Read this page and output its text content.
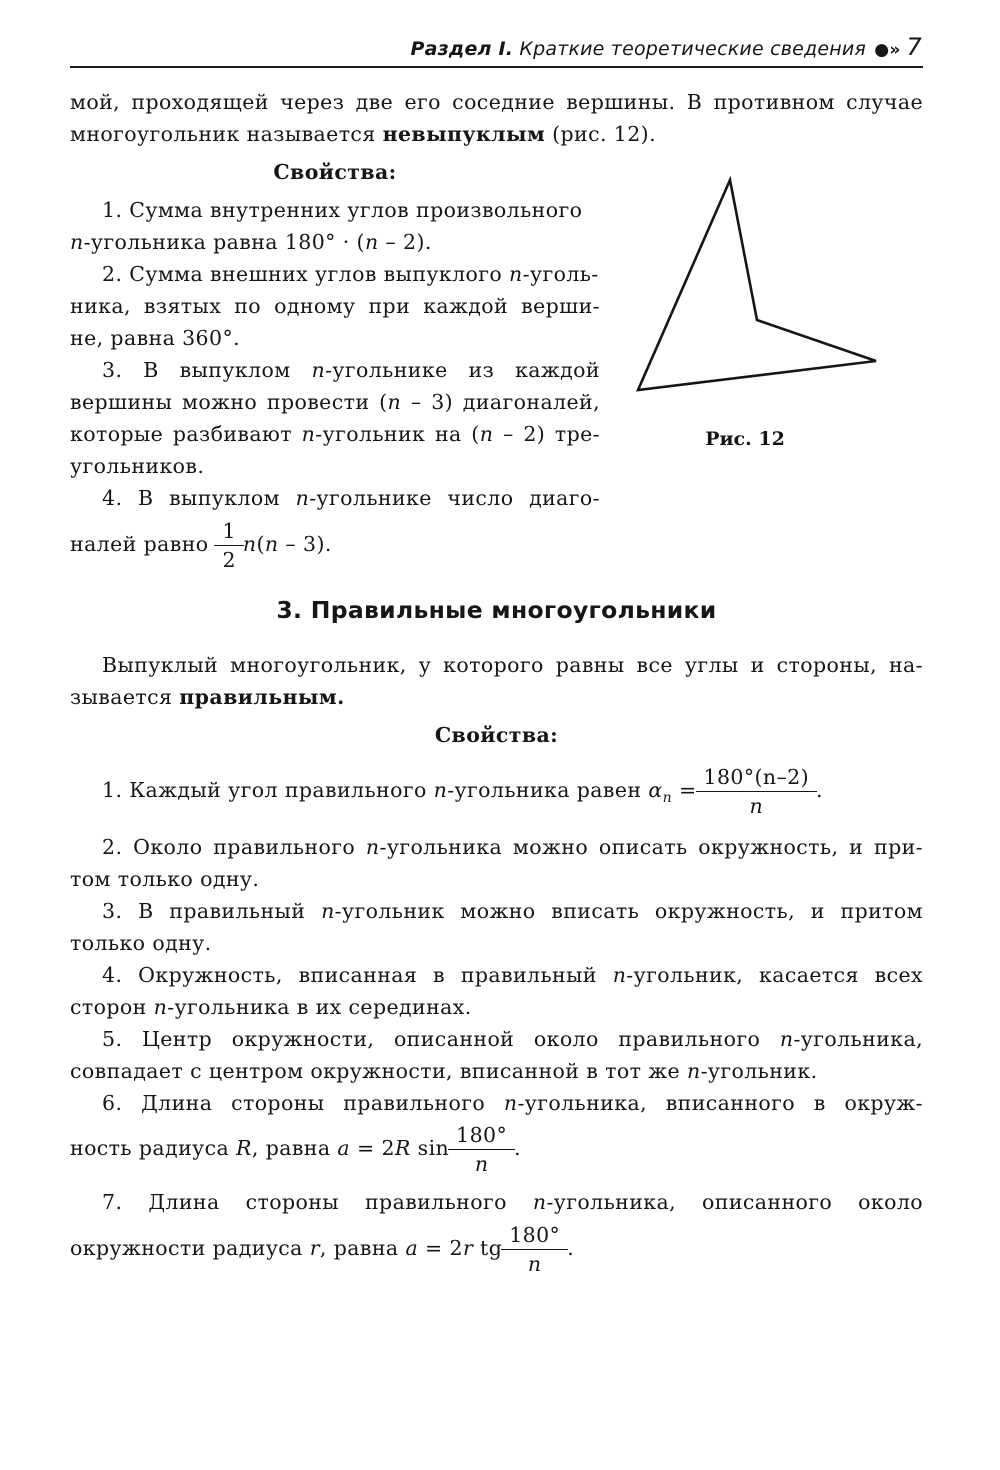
Раздел I. Краткие теоретические сведения ●» 7
мой, проходящей через две его соседние вершины. В противном случае
многоугольник называется невыпуклым (рис. 12).
Свойства:
1. Сумма внутренних углов произвольного
n-угольника равна 180° · (n – 2).
2. Сумма внешних углов выпуклого n-уголь-
ника, взятых по одному при каждой верши-
не, равна 360°.
3. В выпуклом n-угольнике из каждой
вершины можно провести (n – 3) диагоналей,
которые разбивают n-угольник на (n – 2) тре-
угольников.
4. В выпуклом n-угольнике число диаго-
налей равно $\frac{1}{2} n(n - 3)$.
Рис. 12
3. Правильные многоугольники
Выпуклый многоугольник, у которого равны все углы и стороны, на-
зывается правильным.
Свойства:
1. Каждый угол правильного n-угольника равен $\alpha_n = \frac{180^\circ(n-2)}{n}$ .
2. Около правильного n-угольника можно описать окружность, и при-
том только одну.
3. В правильный n-угольник можно вписать окружность, и притом
только одну.
4. Окружность, вписанная в правильный n-угольник, касается всех
сторон n-угольника в их серединах.
5. Центр окружности, описанной около правильного n-угольника,
совпадает с центром окружности, вписанной в тот же n-угольник.
6. Длина стороны правильного n-угольника, вписанного в окруж-
ность радиуса R, равна a = 2R $\sin \frac{180^\circ}{n}$ .
7. Длина стороны правильного n-угольника, описанного около
окружности радиуса r, равна a = 2r tg $\frac{180^\circ}{n}$ .
